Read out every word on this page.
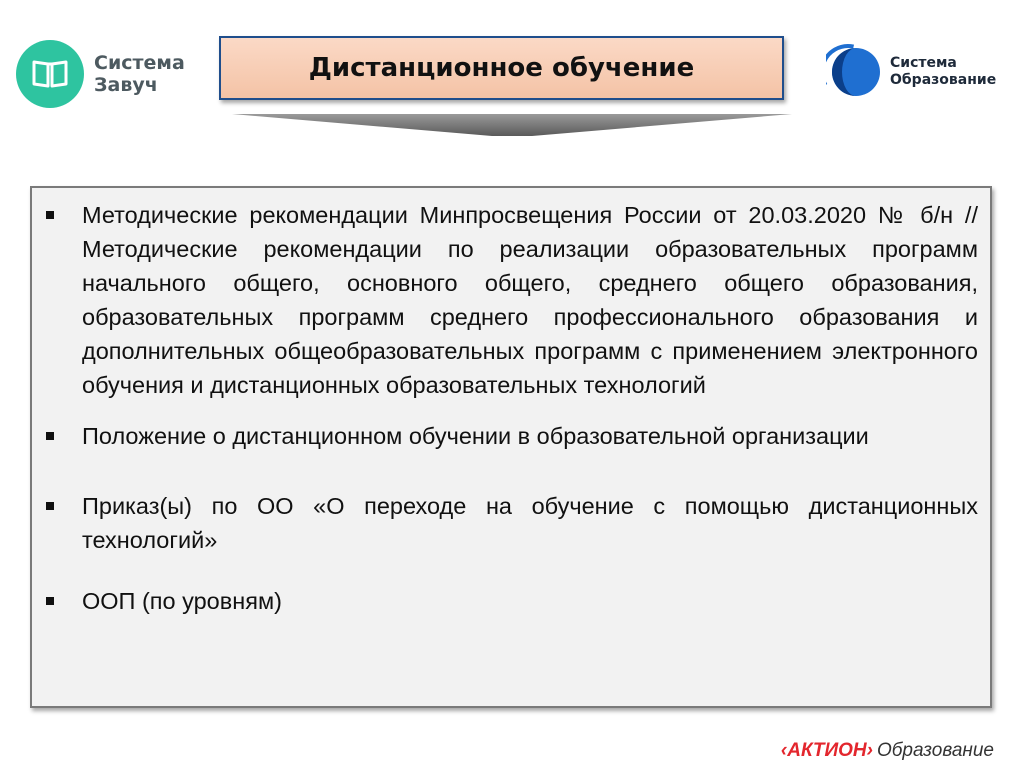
Система
Завуч
Дистанционное обучение	Система
Образование
Методические рекомендации Минпросвещения России от 20.03.2020 № б/н // Методические рекомендации по реализации образовательных программ начального общего, основного общего, среднего общего образования, образовательных программ среднего профессионального образования и дополнительных общеобразовательных программ с применением электронного обучения и дистанционных образовательных технологий
Положение о дистанционном обучении в образовательной организации
Приказ(ы) по ОО «О переходе на обучение с помощью дистанционных технологий»
ООП (по уровням)
‹АКТИОН› Образование
